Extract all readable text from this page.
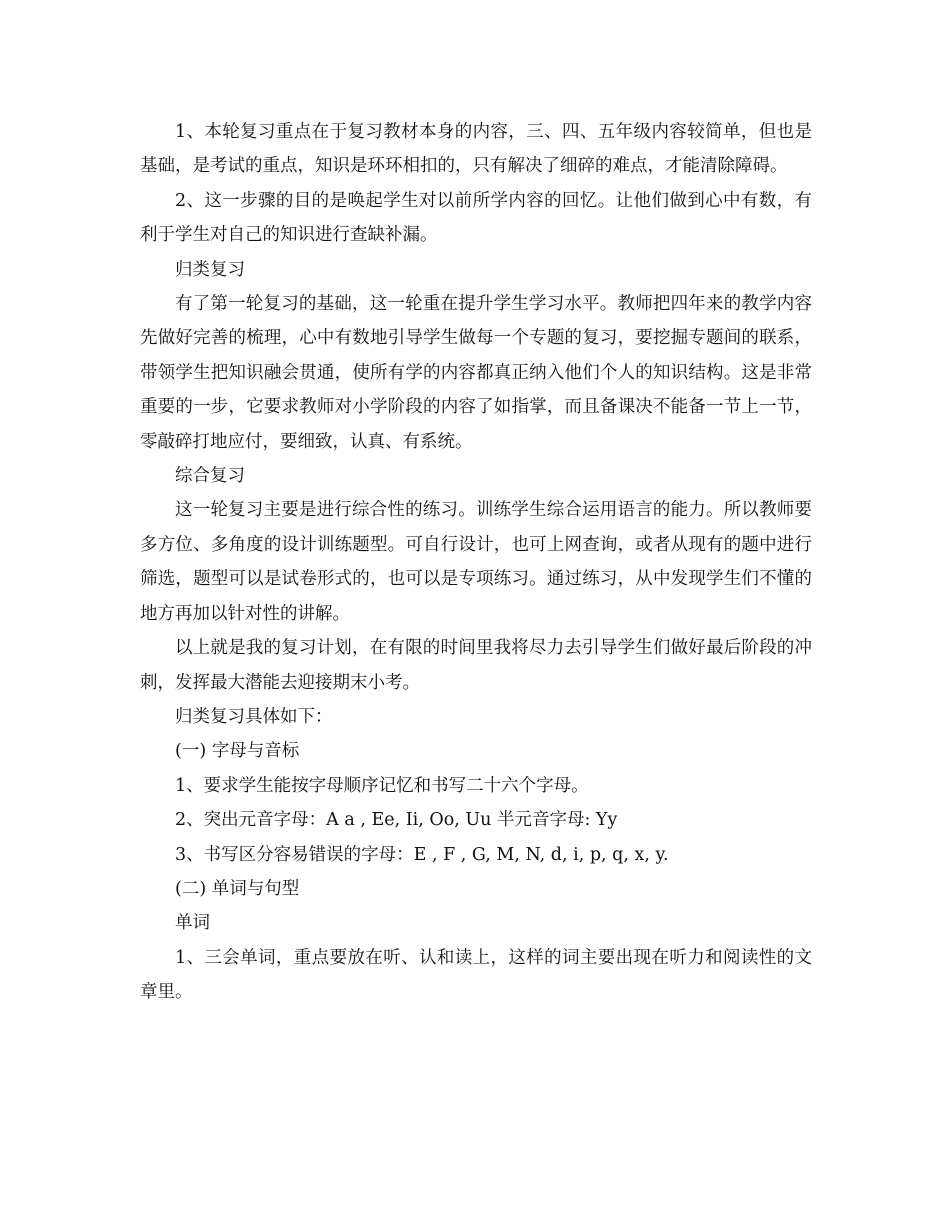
1、本轮复习重点在于复习教材本身的内容，三、四、五年级内容较简单，但也是基础，是考试的重点，知识是环环相扣的，只有解决了细碎的难点，才能清除障碍。

2、这一步骤的目的是唤起学生对以前所学内容的回忆。让他们做到心中有数，有利于学生对自己的知识进行查缺补漏。

归类复习

有了第一轮复习的基础，这一轮重在提升学生学习水平。教师把四年来的教学内容先做好完善的梳理，心中有数地引导学生做每一个专题的复习，要挖掘专题间的联系，带领学生把知识融会贯通，使所有学的内容都真正纳入他们个人的知识结构。这是非常重要的一步，它要求教师对小学阶段的内容了如指掌，而且备课决不能备一节上一节，零敲碎打地应付，要细致，认真、有系统。

综合复习

这一轮复习主要是进行综合性的练习。训练学生综合运用语言的能力。所以教师要多方位、多角度的设计训练题型。可自行设计，也可上网查询，或者从现有的题中进行筛选，题型可以是试卷形式的，也可以是专项练习。通过练习，从中发现学生们不懂的地方再加以针对性的讲解。

以上就是我的复习计划，在有限的时间里我将尽力去引导学生们做好最后阶段的冲刺，发挥最大潜能去迎接期末小考。

归类复习具体如下：

(一) 字母与音标

1、要求学生能按字母顺序记忆和书写二十六个字母。

2、突出元音字母：A a , Ee, Ii, Oo, Uu 半元音字母: Yy

3、书写区分容易错误的字母：E , F , G, M, N, d, i, p, q, x, y.

(二) 单词与句型

单词

1、三会单词，重点要放在听、认和读上，这样的词主要出现在听力和阅读性的文章里。
